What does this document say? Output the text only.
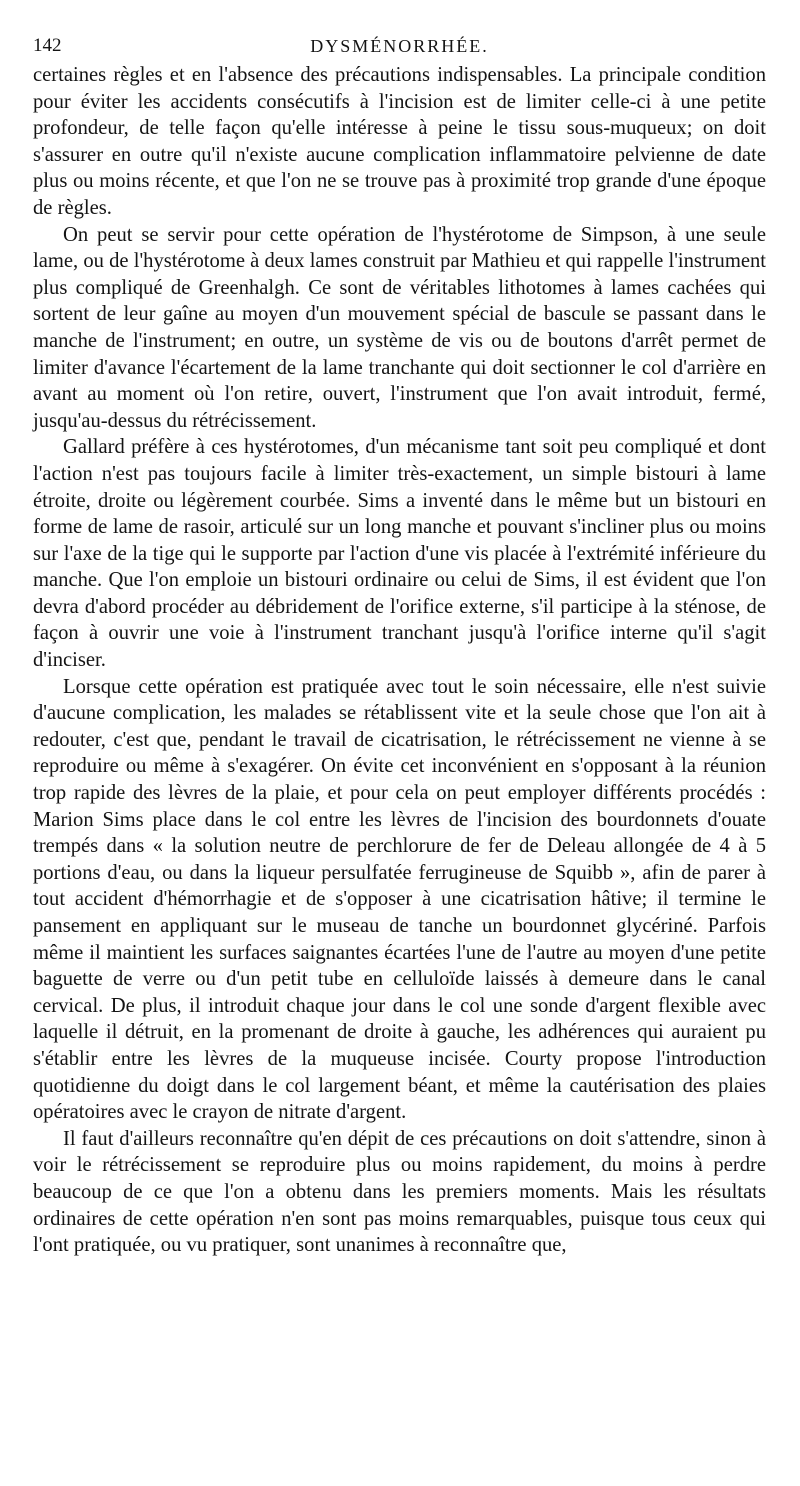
142	DYSMÉNORRHÉE.

certaines règles et en l'absence des précautions indispensables. La principale condition pour éviter les accidents consécutifs à l'incision est de limiter celle-ci à une petite profondeur, de telle façon qu'elle intéresse à peine le tissu sous-muqueux; on doit s'assurer en outre qu'il n'existe aucune complication inflammatoire pelvienne de date plus ou moins récente, et que l'on ne se trouve pas à proximité trop grande d'une époque de règles.

On peut se servir pour cette opération de l'hystérotome de Simpson, à une seule lame, ou de l'hystérotome à deux lames construit par Mathieu et qui rappelle l'instrument plus compliqué de Greenhalgh. Ce sont de véritables lithotomes à lames cachées qui sortent de leur gaîne au moyen d'un mouvement spécial de bascule se passant dans le manche de l'instrument; en outre, un système de vis ou de boutons d'arrêt permet de limiter d'avance l'écartement de la lame tranchante qui doit sectionner le col d'arrière en avant au moment où l'on retire, ouvert, l'instrument que l'on avait introduit, fermé, jusqu'au-dessus du rétrécissement.

Gallard préfère à ces hystérotomes, d'un mécanisme tant soit peu compliqué et dont l'action n'est pas toujours facile à limiter très-exactement, un simple bistouri à lame étroite, droite ou légèrement courbée. Sims a inventé dans le même but un bistouri en forme de lame de rasoir, articulé sur un long manche et pouvant s'incliner plus ou moins sur l'axe de la tige qui le supporte par l'action d'une vis placée à l'extrémité inférieure du manche. Que l'on emploie un bistouri ordinaire ou celui de Sims, il est évident que l'on devra d'abord procéder au débridement de l'orifice externe, s'il participe à la sténose, de façon à ouvrir une voie à l'instrument tranchant jusqu'à l'orifice interne qu'il s'agit d'inciser.

Lorsque cette opération est pratiquée avec tout le soin nécessaire, elle n'est suivie d'aucune complication, les malades se rétablissent vite et la seule chose que l'on ait à redouter, c'est que, pendant le travail de cicatrisation, le rétrécissement ne vienne à se reproduire ou même à s'exagérer. On évite cet inconvénient en s'opposant à la réunion trop rapide des lèvres de la plaie, et pour cela on peut employer différents procédés : Marion Sims place dans le col entre les lèvres de l'incision des bourdonnets d'ouate trempés dans « la solution neutre de perchlorure de fer de Deleau allongée de 4 à 5 portions d'eau, ou dans la liqueur persulfatée ferrugineuse de Squibb », afin de parer à tout accident d'hémorrhagie et de s'opposer à une cicatrisation hâtive; il termine le pansement en appliquant sur le museau de tanche un bourdonnet glycériné. Parfois même il maintient les surfaces saignantes écartées l'une de l'autre au moyen d'une petite baguette de verre ou d'un petit tube en celluloïde laissés à demeure dans le canal cervical. De plus, il introduit chaque jour dans le col une sonde d'argent flexible avec laquelle il détruit, en la promenant de droite à gauche, les adhérences qui auraient pu s'établir entre les lèvres de la muqueuse incisée. Courty propose l'introduction quotidienne du doigt dans le col largement béant, et même la cautérisation des plaies opératoires avec le crayon de nitrate d'argent.

Il faut d'ailleurs reconnaître qu'en dépit de ces précautions on doit s'attendre, sinon à voir le rétrécissement se reproduire plus ou moins rapidement, du moins à perdre beaucoup de ce que l'on a obtenu dans les premiers moments. Mais les résultats ordinaires de cette opération n'en sont pas moins remarquables, puisque tous ceux qui l'ont pratiquée, ou vu pratiquer, sont unanimes à reconnaître que,
